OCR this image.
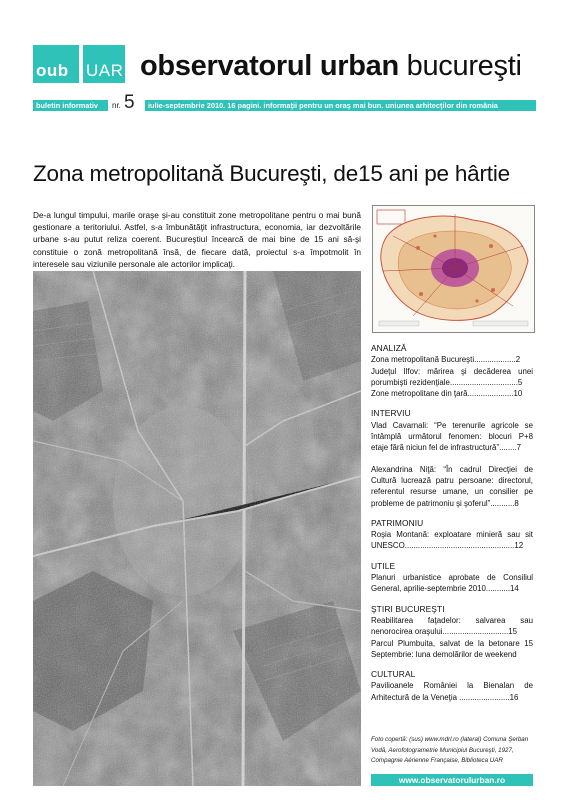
oub UAR observatorul urban bucureşti
buletin informativ	nr. 5	iulie-septembrie 2010. 16 pagini. informaţii pentru un oraş mai bun. uniunea arhitecţilor din românia
Zona metropolitană Bucureşti, de15 ani pe hârtie
De-a lungul timpului, marile oraşe şi-au constituit zone metropolitane pentru o mai bună gestionare a teritoriului. Astfel, s-a îmbunătăţit infrastructura, economia, iar dezvoltările urbane s-au putut reliza coerent. Bucureştiul încearcă de mai bine de 15 ani să-şi constituie o zonă metropolitană însă, de fiecare dată, proiectul s-a împotmolit în interesele sau viziunile personale ale actorilor implicaţi.
ANALIZĂ
Zona metropolitană Bucureşti...................2
Judeţul Ilfov: mărirea şi decăderea unei porumbişti rezidenţiale...............................5
Zone metropolitane din ţară.....................10
INTERVIU
Vlad Cavarnali: “Pe terenurile agricole se întâmplă următorul fenomen: blocuri P+8 etaje fără niciun fel de infrastructură”........7
Alexandrina Niţă: “În cadrul Direcţiei de Cultură lucrează patru persoane: directorul, referentul resurse umane, un consilier pe probleme de patrimoniu şi şoferul”...........8
PATRIMONIU
Roşia Montană: exploatare minieră sau sit UNESCO..................................................12
UTILE
Planuri urbanistice aprobate de Consiliul General, aprilie-septembrie 2010...........14
ŞTIRI BUCUREŞTI
Reabilitarea faţadelor: salvarea sau nenorocirea oraşului..............................15
Parcul Plumbuita, salvat de la betonare 15 Septembrie: luna demolărilor de weekend
CULTURAL
Pavilioanele României la Bienalan de Arhitectură de la Veneţia .......................16
Foto copertă: (sus) www.mdrl.ro (lateral) Comuna Şerban Vodă, Aerofotogrametrie Municipiul Bucureşti, 1927, Compagnie Aérienne Française, Biblioteca UAR
www.observatorulurban.ro
